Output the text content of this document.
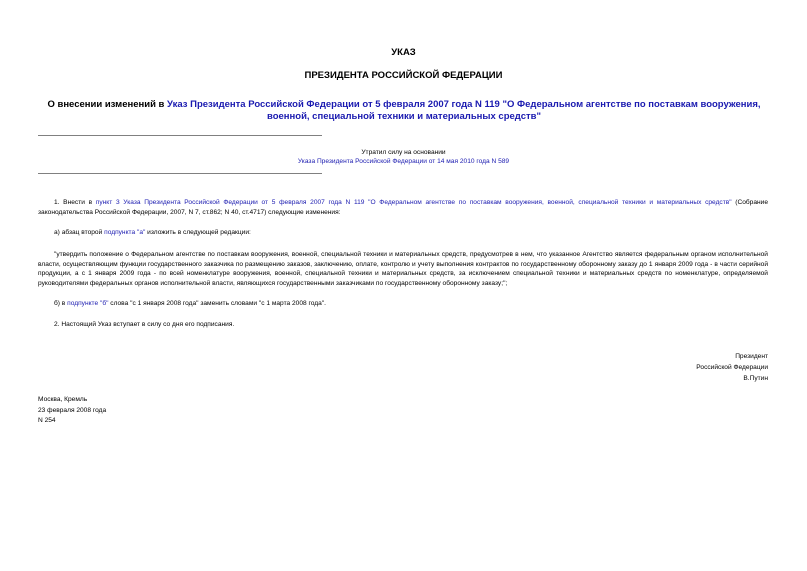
УКАЗ
ПРЕЗИДЕНТА РОССИЙСКОЙ ФЕДЕРАЦИИ
О внесении изменений в Указ Президента Российской Федерации от 5 февраля 2007 года N 119 "О Федеральном агентстве по поставкам вооружения, военной, специальной техники и материальных средств"
Утратил силу на основании
Указа Президента Российской Федерации от 14 мая 2010 года N 589
1. Внести в пункт 3 Указа Президента Российской Федерации от 5 февраля 2007 года N 119 "О Федеральном агентстве по поставкам вооружения, военной, специальной техники и материальных средств" (Собрание законодательства Российской Федерации, 2007, N 7, ст.862; N 40, ст.4717) следующие изменения:
а) абзац второй подпункта "а" изложить в следующей редакции:
"утвердить положение о Федеральном агентстве по поставкам вооружения, военной, специальной техники и материальных средств, предусмотрев в нем, что указанное Агентство является федеральным органом исполнительной власти, осуществляющим функции государственного заказчика по размещению заказов, заключению, оплате, контролю и учету выполнения контрактов по государственному оборонному заказу до 1 января 2009 года - в части серийной продукции, а с 1 января 2009 года - по всей номенклатуре вооружения, военной, специальной техники и материальных средств, за исключением специальной техники и материальных средств по номенклатуре, определяемой руководителями федеральных органов исполнительной власти, являющихся государственными заказчиками по государственному оборонному заказу;";
б) в подпункте "б" слова "с 1 января 2008 года" заменить словами "с 1 марта 2008 года".
2. Настоящий Указ вступает в силу со дня его подписания.
Президент
Российской Федерации
В.Путин
Москва, Кремль
23 февраля 2008 года
N 254
